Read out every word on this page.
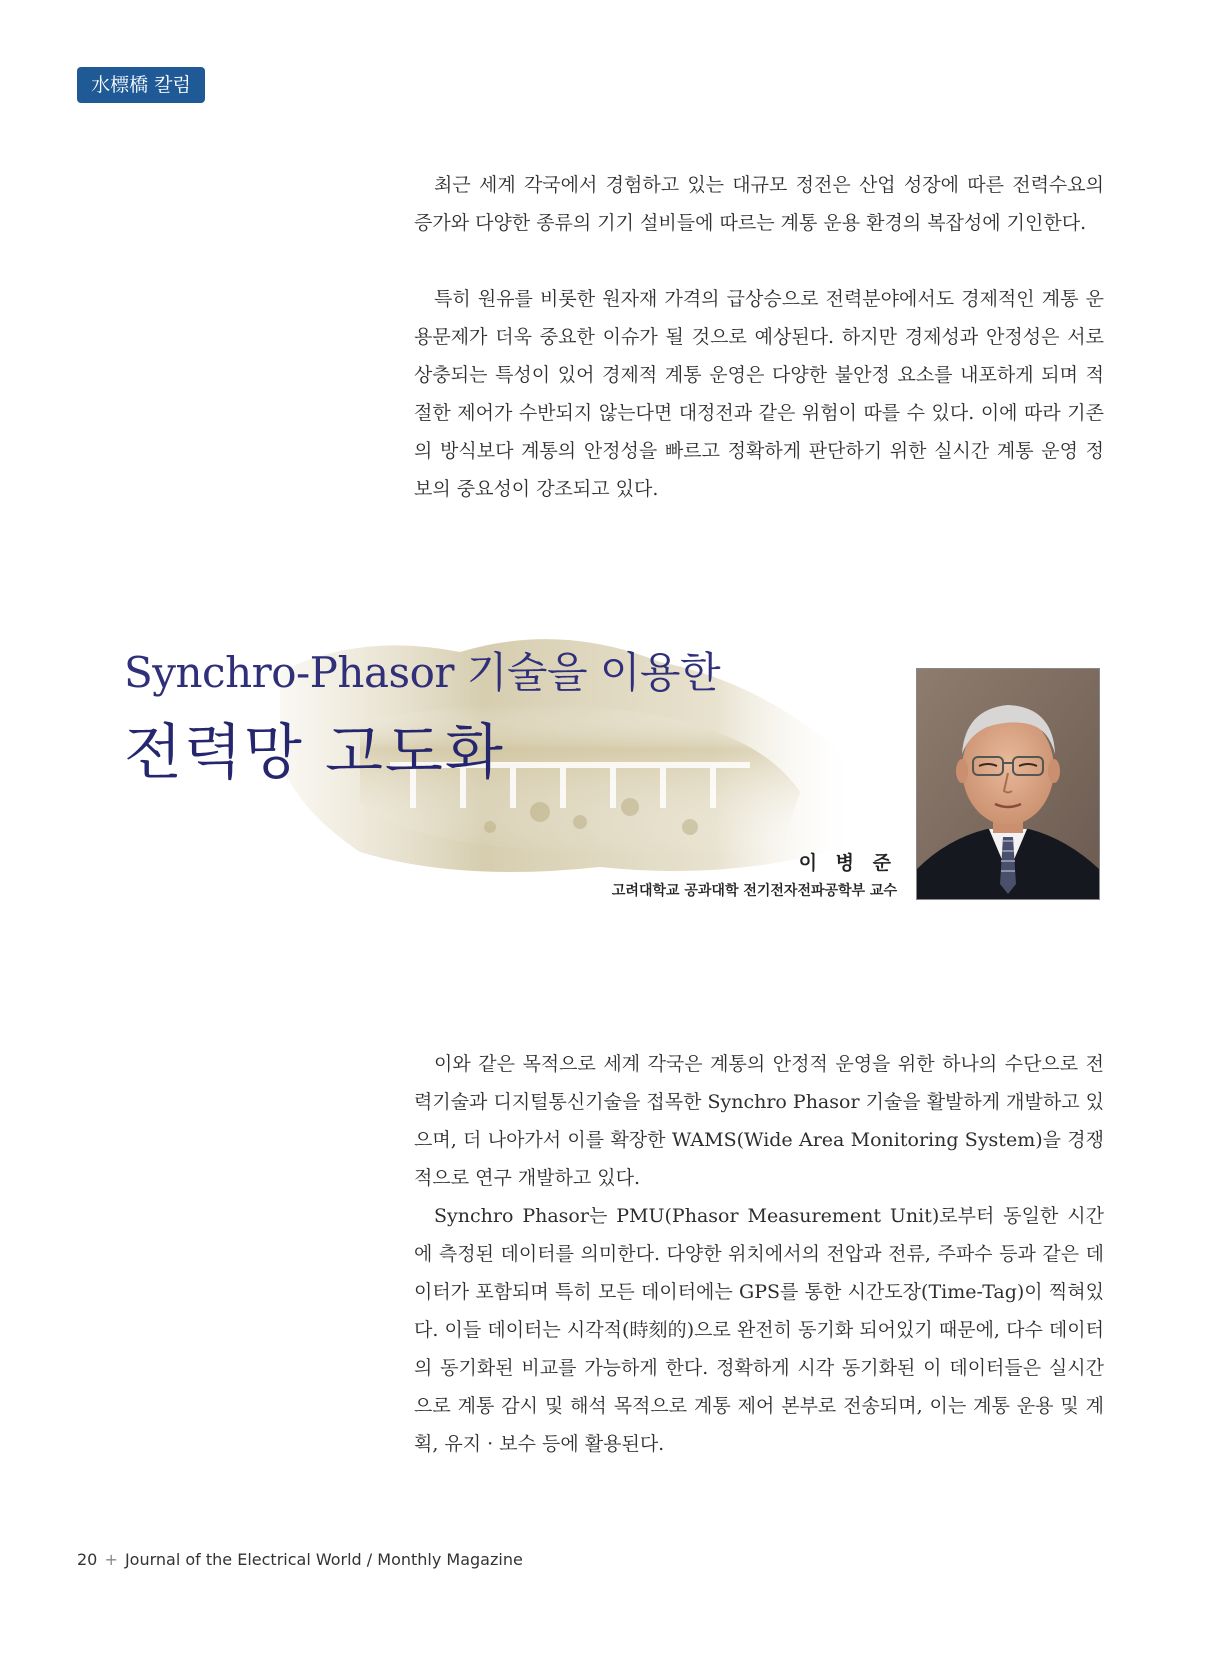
水標橋 칼럼

최근 세계 각국에서 경험하고 있는 대규모 정전은 산업 성장에 따른 전력수요의 증가와 다양한 종류의 기기 설비들에 따르는 계통 운용 환경의 복잡성에 기인한다.

특히 원유를 비롯한 원자재 가격의 급상승으로 전력분야에서도 경제적인 계통 운용문제가 더욱 중요한 이슈가 될 것으로 예상된다. 하지만 경제성과 안정성은 서로 상충되는 특성이 있어 경제적 계통 운영은 다양한 불안정 요소를 내포하게 되며 적절한 제어가 수반되지 않는다면 대정전과 같은 위험이 따를 수 있다. 이에 따라 기존의 방식보다 계통의 안정성을 빠르고 정확하게 판단하기 위한 실시간 계통 운영 정보의 중요성이 강조되고 있다.

Synchro-Phasor 기술을 이용한
전력망 고도화
이 병 준
고려대학교 공과대학 전기전자전파공학부 교수

이와 같은 목적으로 세계 각국은 계통의 안정적 운영을 위한 하나의 수단으로 전력기술과 디지털통신기술을 접목한 Synchro Phasor 기술을 활발하게 개발하고 있으며, 더 나아가서 이를 확장한 WAMS(Wide Area Monitoring System)을 경쟁적으로 연구 개발하고 있다.

Synchro Phasor는 PMU(Phasor Measurement Unit)로부터 동일한 시간에 측정된 데이터를 의미한다. 다양한 위치에서의 전압과 전류, 주파수 등과 같은 데이터가 포함되며 특히 모든 데이터에는 GPS를 통한 시간도장(Time-Tag)이 찍혀있다. 이들 데이터는 시각적(時刻的)으로 완전히 동기화 되어있기 때문에, 다수 데이터의 동기화된 비교를 가능하게 한다. 정확하게 시각 동기화된 이 데이터들은 실시간으로 계통 감시 및 해석 목적으로 계통 제어 본부로 전송되며, 이는 계통 운용 및 계획, 유지 · 보수 등에 활용된다.

20 + Journal of the Electrical World / Monthly Magazine
